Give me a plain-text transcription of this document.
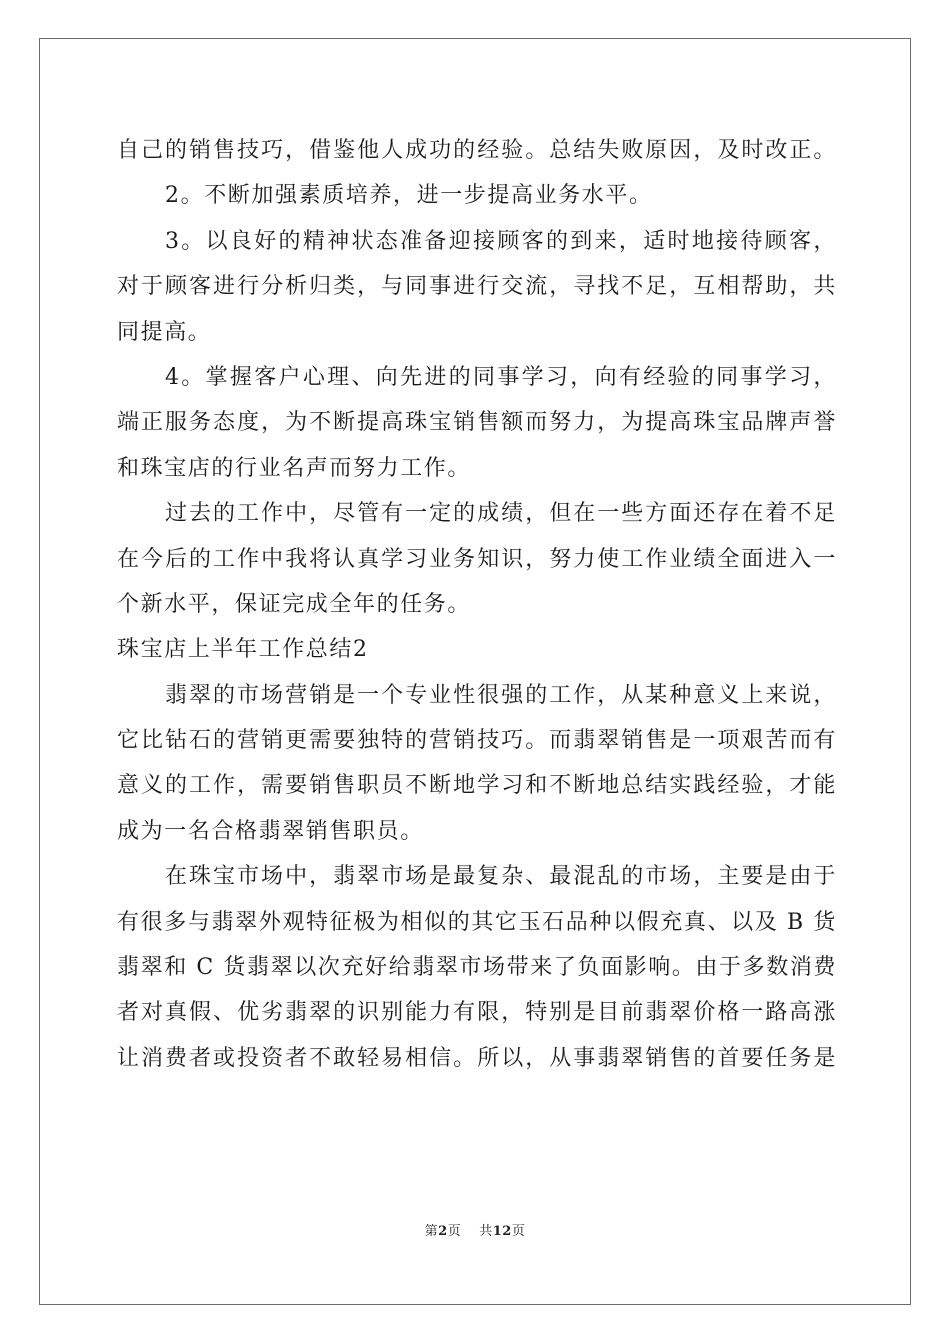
自己的销售技巧，借鉴他人成功的经验。总结失败原因，及时改正。
2。不断加强素质培养，进一步提高业务水平。
3。以良好的精神状态准备迎接顾客的到来，适时地接待顾客，
对于顾客进行分析归类，与同事进行交流，寻找不足，互相帮助，共
同提高。
4。掌握客户心理、向先进的同事学习，向有经验的同事学习，
端正服务态度，为不断提高珠宝销售额而努力，为提高珠宝品牌声誉
和珠宝店的行业名声而努力工作。
过去的工作中，尽管有一定的成绩，但在一些方面还存在着不足
在今后的工作中我将认真学习业务知识，努力使工作业绩全面进入一
个新水平，保证完成全年的任务。
珠宝店上半年工作总结2
翡翠的市场营销是一个专业性很强的工作，从某种意义上来说，
它比钻石的营销更需要独特的营销技巧。而翡翠销售是一项艰苦而有
意义的工作，需要销售职员不断地学习和不断地总结实践经验，才能
成为一名合格翡翠销售职员。
在珠宝市场中，翡翠市场是最复杂、最混乱的市场，主要是由于
有很多与翡翠外观特征极为相似的其它玉石品种以假充真、以及 B 货
翡翠和 C 货翡翠以次充好给翡翠市场带来了负面影响。由于多数消费
者对真假、优劣翡翠的识别能力有限，特别是目前翡翠价格一路高涨
让消费者或投资者不敢轻易相信。所以，从事翡翠销售的首要任务是
第2页 共12页
